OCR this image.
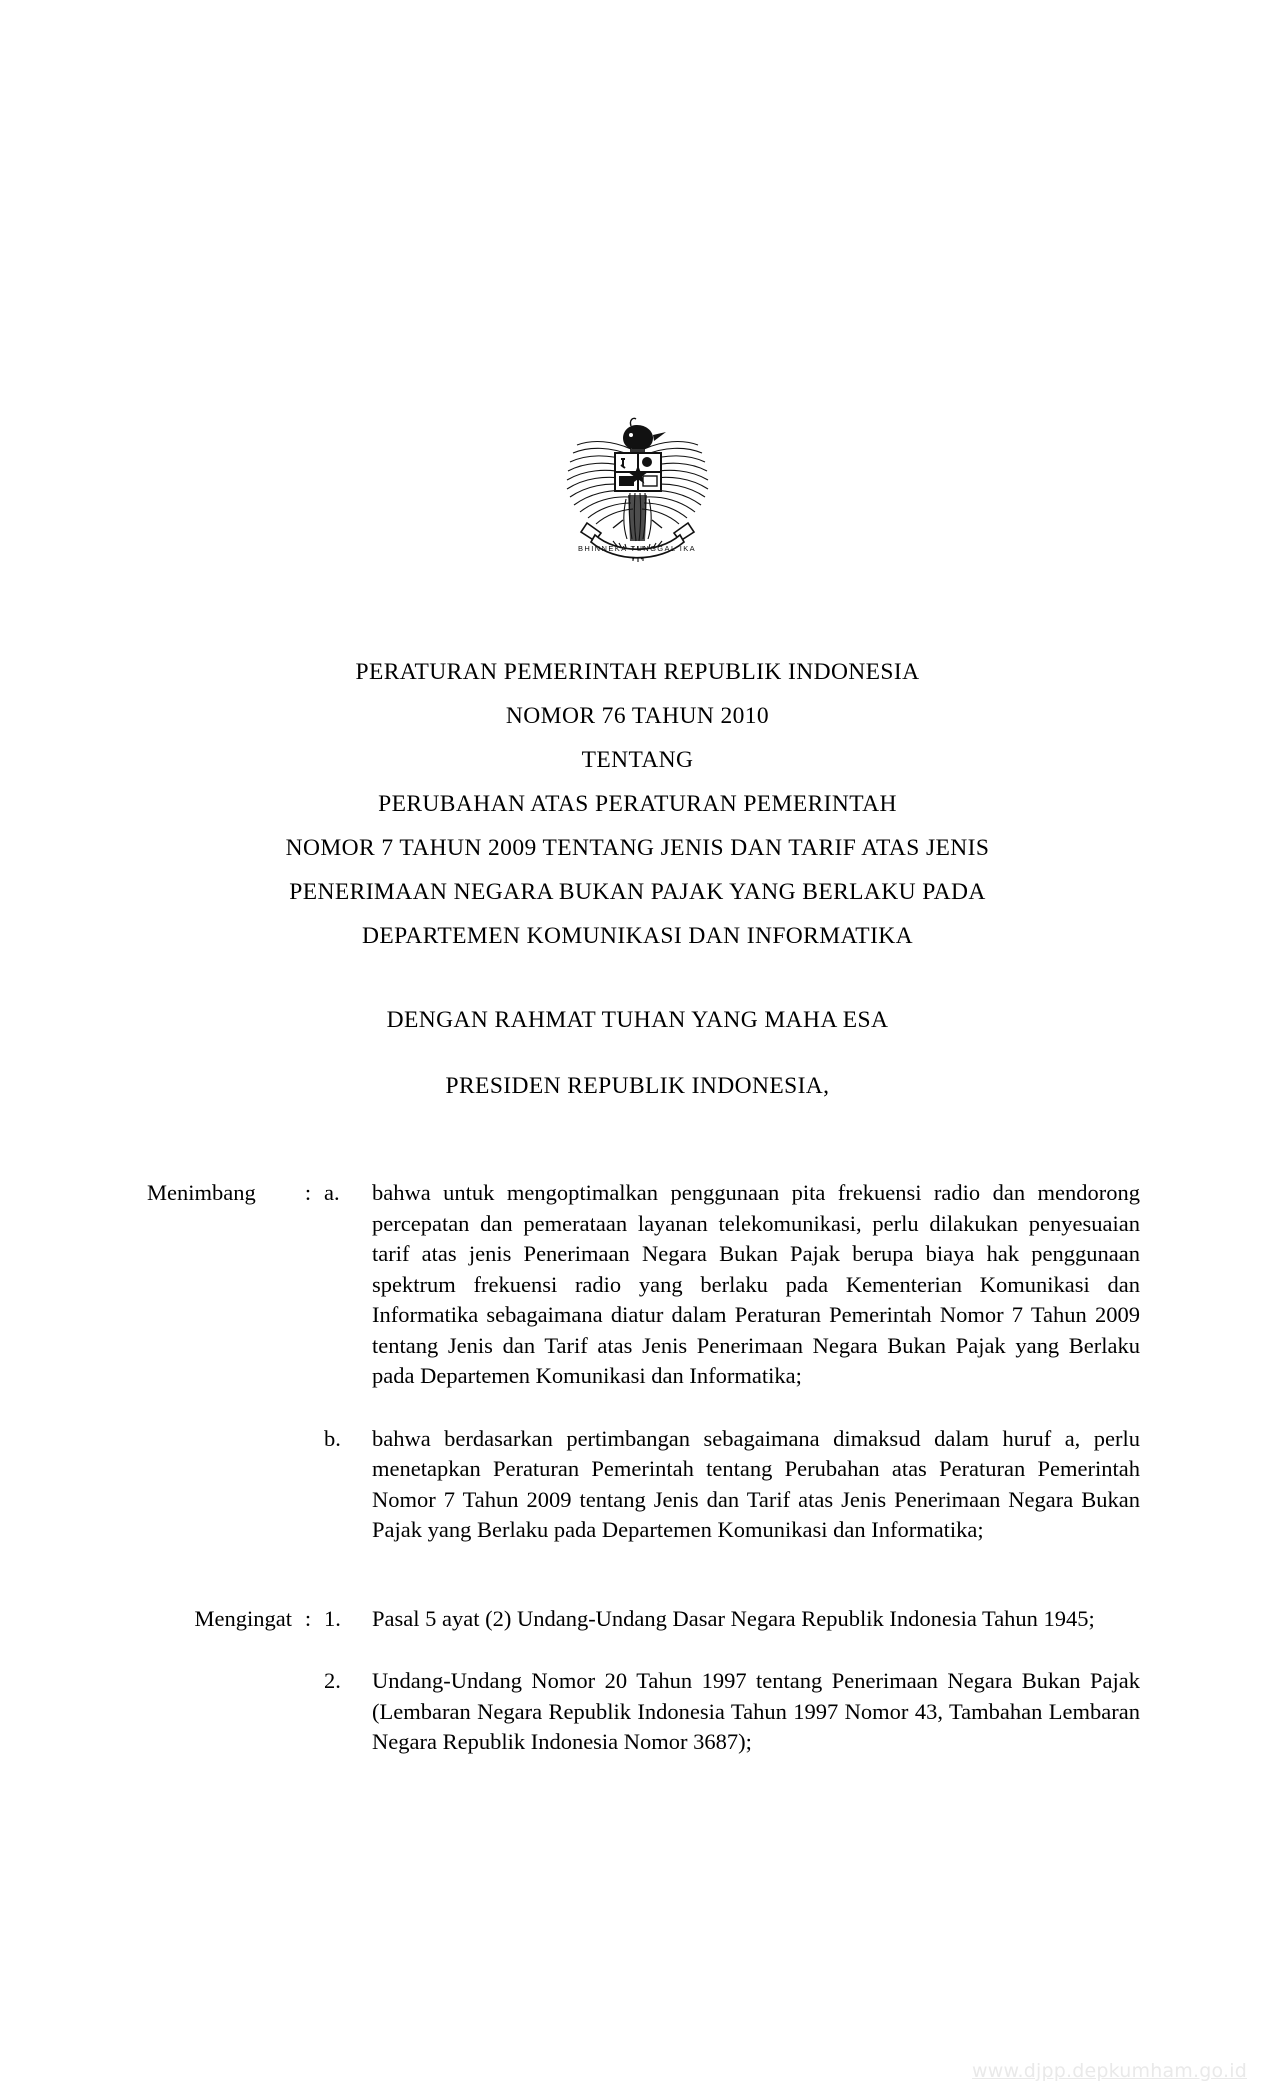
BHINNEKA TUNGGAL IKA
PERATURAN PEMERINTAH REPUBLIK INDONESIA
NOMOR 76 TAHUN 2010
TENTANG
PERUBAHAN ATAS PERATURAN PEMERINTAH
NOMOR 7 TAHUN 2009 TENTANG JENIS DAN TARIF ATAS JENIS
PENERIMAAN NEGARA BUKAN PAJAK YANG BERLAKU PADA
DEPARTEMEN KOMUNIKASI DAN INFORMATIKA
DENGAN RAHMAT TUHAN YANG MAHA ESA
PRESIDEN REPUBLIK INDONESIA,
Menimbang	: a.	bahwa untuk mengoptimalkan penggunaan pita frekuensi radio dan mendorong percepatan dan pemerataan layanan telekomunikasi, perlu dilakukan penyesuaian tarif atas jenis Penerimaan Negara Bukan Pajak berupa biaya hak penggunaan spektrum frekuensi radio yang berlaku pada Kementerian Komunikasi dan Informatika sebagaimana diatur dalam Peraturan Pemerintah Nomor 7 Tahun 2009 tentang Jenis dan Tarif atas Jenis Penerimaan Negara Bukan Pajak yang Berlaku pada Departemen Komunikasi dan Informatika;

b.	bahwa berdasarkan pertimbangan sebagaimana dimaksud dalam huruf a, perlu menetapkan Peraturan Pemerintah tentang Perubahan atas Peraturan Pemerintah Nomor 7 Tahun 2009 tentang Jenis dan Tarif atas Jenis Penerimaan Negara Bukan Pajak yang Berlaku pada Departemen Komunikasi dan Informatika;

Mengingat : 1.	Pasal 5 ayat (2) Undang-Undang Dasar Negara Republik Indonesia Tahun 1945;

2.	Undang-Undang Nomor 20 Tahun 1997 tentang Penerimaan Negara Bukan Pajak (Lembaran Negara Republik Indonesia Tahun 1997 Nomor 43, Tambahan Lembaran Negara Republik Indonesia Nomor 3687);

www.djpp.depkumham.go.id
